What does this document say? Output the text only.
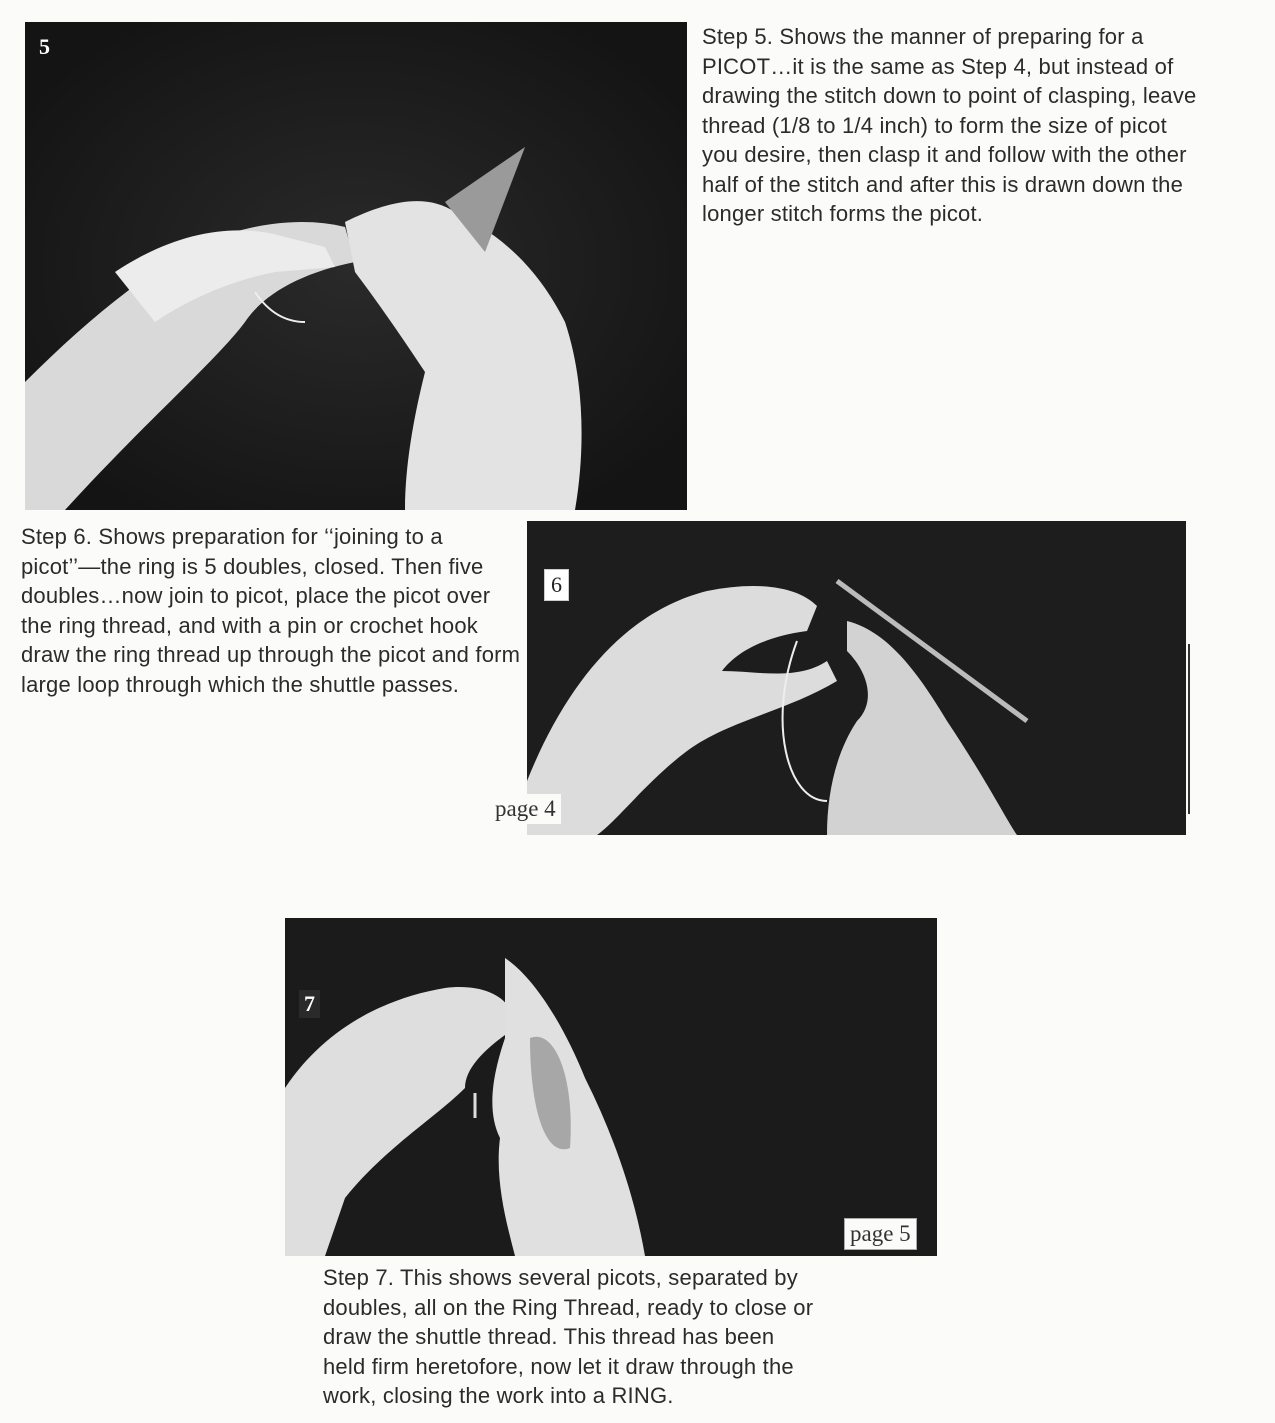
5	Step 5. Shows the manner of preparing for a PICOT…it is the same as Step 4, but instead of drawing the stitch down to point of clasping, leave thread (1/8 to 1/4 inch) to form the size of picot you desire, then clasp it and follow with the other half of the stitch and after this is drawn down the longer stitch forms the picot.

6

Step 6. Shows preparation for ‘‘joining to a picot’’—the ring is 5 doubles, closed. Then five doubles…now join to picot, place the picot over the ring thread, and with a pin or crochet hook draw the ring thread up through the picot and form large loop through which the shuttle passes.

page 4
7
page 5

Step 7. This shows several picots, separated by doubles, all on the Ring Thread, ready to close or draw the shuttle thread. This thread has been held firm heretofore, now let it draw through the work, closing the work into a RING.
